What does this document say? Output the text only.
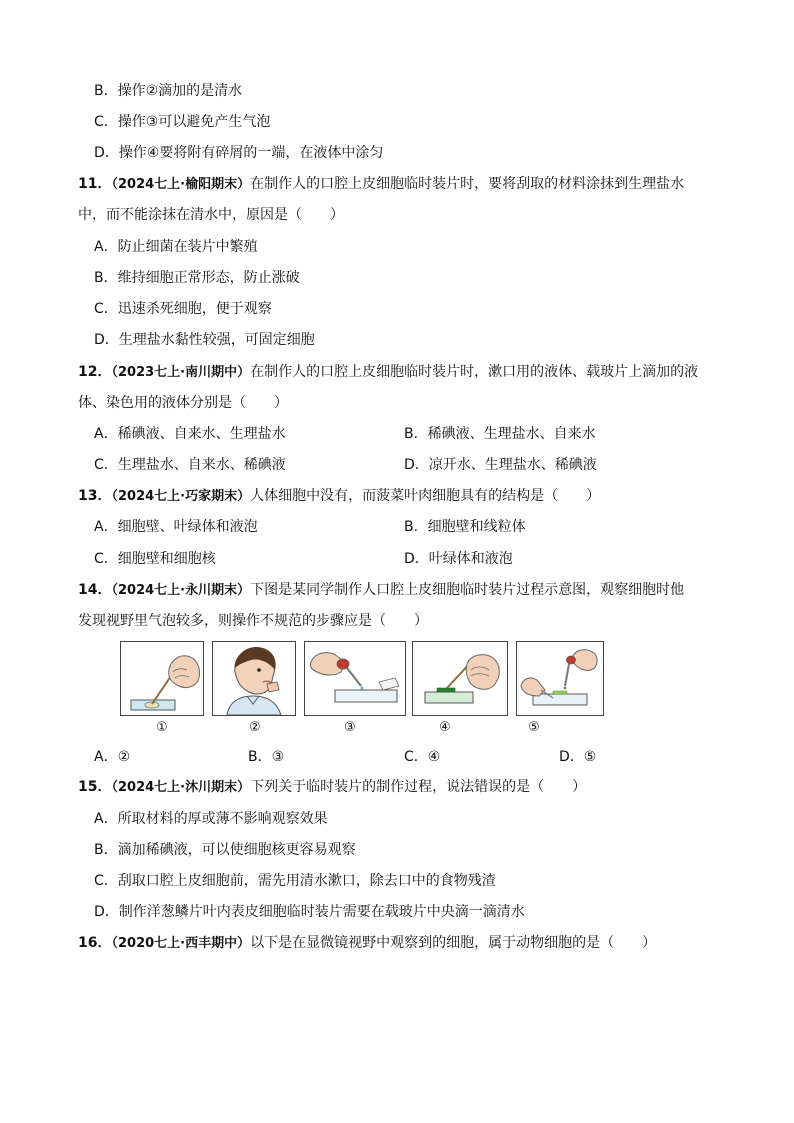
B．操作②滴加的是清水
C．操作③可以避免产生气泡
D．操作④要将附有碎屑的一端，在液体中涂匀
11．（2024七上·榆阳期末）在制作人的口腔上皮细胞临时装片时，要将刮取的材料涂抹到生理盐水
中，而不能涂抹在清水中，原因是（　　）
A．防止细菌在装片中繁殖
B．维持细胞正常形态，防止涨破
C．迅速杀死细胞，便于观察
D．生理盐水黏性较强，可固定细胞
12．（2023七上·南川期中）在制作人的口腔上皮细胞临时装片时，漱口用的液体、载玻片上滴加的液
体、染色用的液体分别是（　　）
A．稀碘液、自来水、生理盐水	B．稀碘液、生理盐水、自来水
C．生理盐水、自来水、稀碘液	D．凉开水、生理盐水、稀碘液
13．（2024七上·巧家期末）人体细胞中没有，而菠菜叶肉细胞具有的结构是（　　）
A．细胞壁、叶绿体和液泡	B．细胞壁和线粒体
C．细胞壁和细胞核	D．叶绿体和液泡
14．（2024七上·永川期末）下图是某同学制作人口腔上皮细胞临时装片过程示意图，观察细胞时他
发现视野里气泡较多，则操作不规范的步骤应是（　　）
①	②	③	④	⑤
A．②	B．③	C．④	D．⑤
15．（2024七上·沐川期末）下列关于临时装片的制作过程，说法错误的是（　　）
A．所取材料的厚或薄不影响观察效果
B．滴加稀碘液，可以使细胞核更容易观察
C．刮取口腔上皮细胞前，需先用清水漱口，除去口中的食物残渣
D．制作洋葱鳞片叶内表皮细胞临时装片需要在载玻片中央滴一滴清水
16．（2020七上·西丰期中）以下是在显微镜视野中观察到的细胞，属于动物细胞的是（　　）
